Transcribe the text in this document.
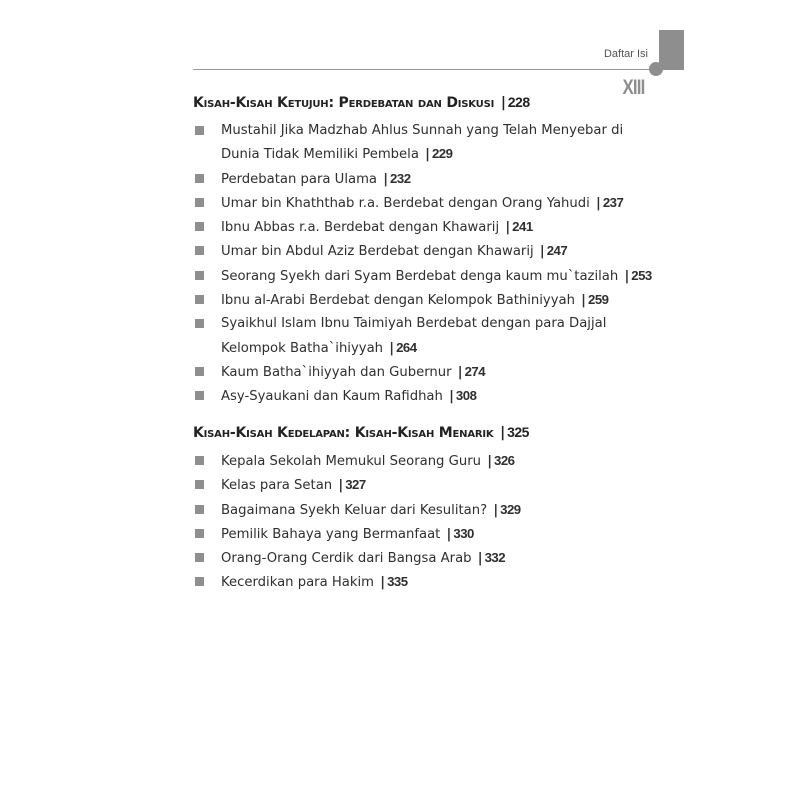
Daftar Isi
XIII
Kisah-Kisah Ketujuh: Perdebatan dan Diskusi | 228
Mustahil Jika Madzhab Ahlus Sunnah yang Telah Menyebar di Dunia Tidak Memiliki Pembela | 229
Perdebatan para Ulama | 232
Umar bin Khaththab r.a. Berdebat dengan Orang Yahudi | 237
Ibnu Abbas r.a. Berdebat dengan Khawarij | 241
Umar bin Abdul Aziz Berdebat dengan Khawarij | 247
Seorang Syekh dari Syam Berdebat denga kaum mu`tazilah | 253
Ibnu al-Arabi Berdebat dengan Kelompok Bathiniyyah | 259
Syaikhul Islam Ibnu Taimiyah Berdebat dengan para Dajjal Kelompok Batha`ihiyyah | 264
Kaum Batha`ihiyyah dan Gubernur | 274
Asy-Syaukani dan Kaum Rafidhah | 308
Kisah-Kisah Kedelapan: Kisah-Kisah Menarik | 325
Kepala Sekolah Memukul Seorang Guru | 326
Kelas para Setan | 327
Bagaimana Syekh Keluar dari Kesulitan? | 329
Pemilik Bahaya yang Bermanfaat | 330
Orang-Orang Cerdik dari Bangsa Arab | 332
Kecerdikan para Hakim | 335
